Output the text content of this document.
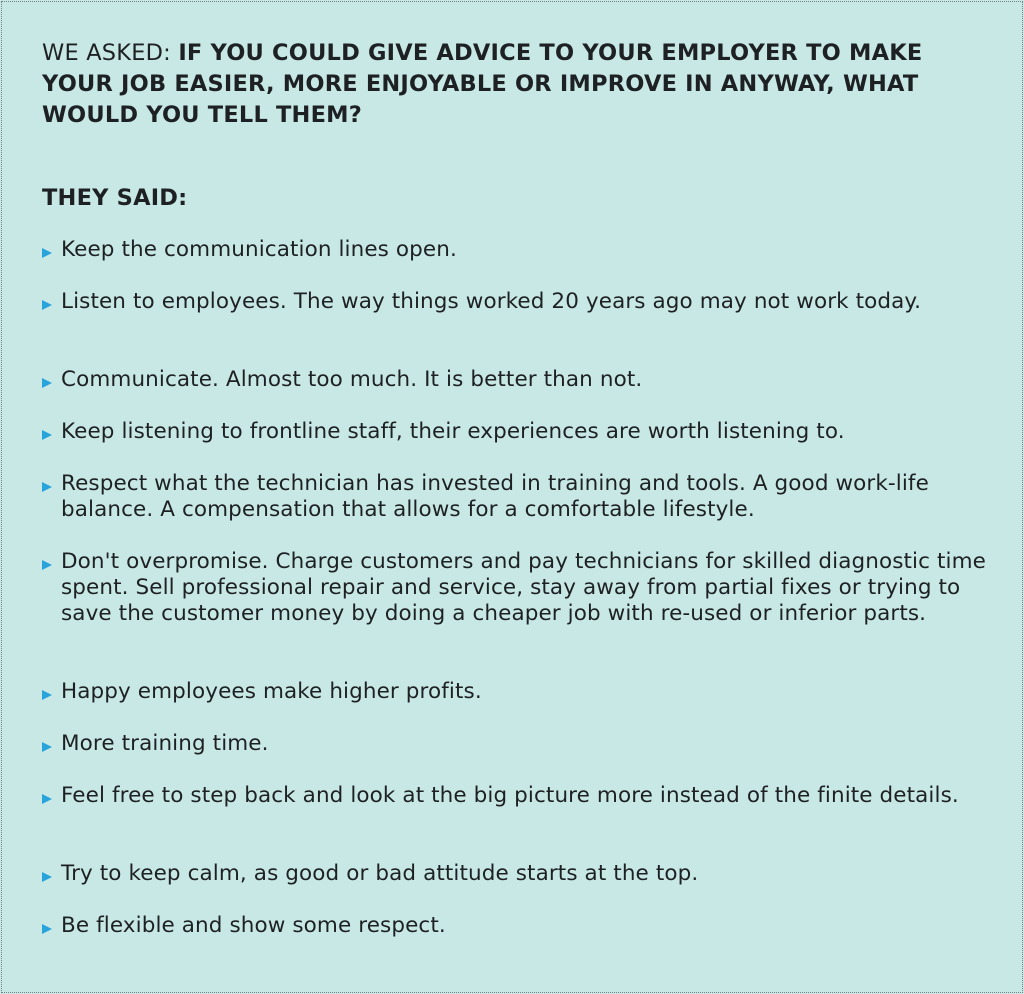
WE ASKED: IF YOU COULD GIVE ADVICE TO YOUR EMPLOYER TO MAKE YOUR JOB EASIER, MORE ENJOYABLE OR IMPROVE IN ANYWAY, WHAT WOULD YOU TELL THEM?
THEY SAID:
Keep the communication lines open.
Listen to employees. The way things worked 20 years ago may not work today.
Communicate. Almost too much. It is better than not.
Keep listening to frontline staff, their experiences are worth listening to.
Respect what the technician has invested in training and tools. A good work-life balance. A compensation that allows for a comfortable lifestyle.
Don't overpromise. Charge customers and pay technicians for skilled diagnostic time spent. Sell professional repair and service, stay away from partial fixes or trying to save the customer money by doing a cheaper job with re-used or inferior parts.
Happy employees make higher profits.
More training time.
Feel free to step back and look at the big picture more instead of the finite details.
Try to keep calm, as good or bad attitude starts at the top.
Be flexible and show some respect.
